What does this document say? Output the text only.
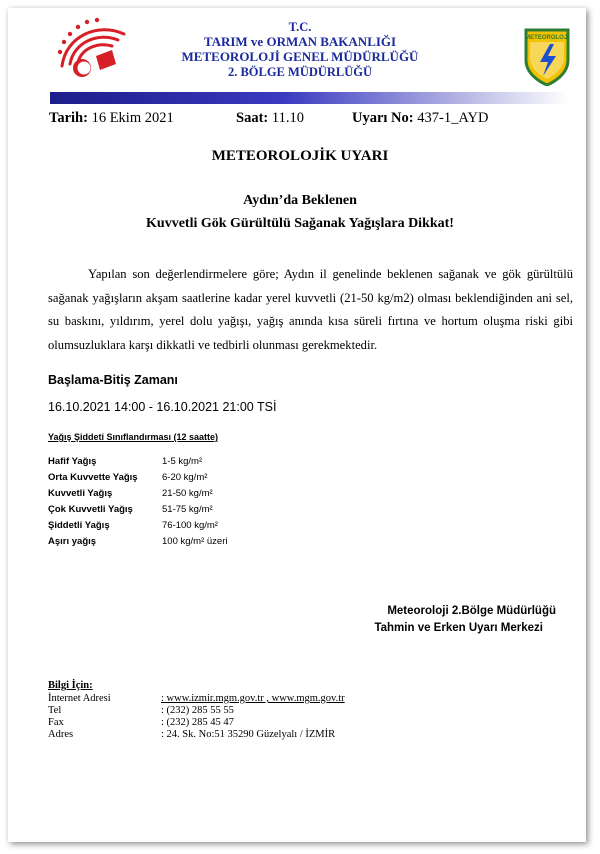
T.C.
TARIM ve ORMAN BAKANLIĞI
METEOROLOJİ GENEL MÜDÜRLÜĞÜ
2. BÖLGE MÜDÜRLÜĞÜ
METEOROLOJI
Tarih: 16 Ekim 2021	Saat: 11.10	Uyarı No: 437-1_AYD
METEOROLOJİK UYARI
Aydın’da Beklenen
Kuvvetli Gök Gürültülü Sağanak Yağışlara Dikkat!
Yapılan son değerlendirmelere göre; Aydın il genelinde beklenen sağanak ve gök gürültülü sağanak yağışların akşam saatlerine kadar yerel kuvvetli (21-50 kg/m2) olması beklendiğinden ani sel, su baskını, yıldırım, yerel dolu yağışı, yağış anında kısa süreli fırtına ve hortum oluşma riski gibi olumsuzluklara karşı dikkatli ve tedbirli olunması gerekmektedir.
Başlama-Bitiş Zamanı
16.10.2021 14:00 - 16.10.2021 21:00 TSİ
Yağış Şiddeti Sınıflandırması (12 saatte)
Hafif Yağış	1-5 kg/m²
Orta Kuvvette Yağış	6-20 kg/m²
Kuvvetli Yağış	21-50 kg/m²
Çok Kuvvetli Yağış	51-75 kg/m²
Şiddetli Yağış	76-100 kg/m²
Aşırı yağış	100 kg/m² üzeri
Meteoroloji 2.Bölge Müdürlüğü
Tahmin ve Erken Uyarı Merkezi
Bilgi İçin:
İnternet Adresi	: www.izmir.mgm.gov.tr , www.mgm.gov.tr
Tel	: (232) 285 55 55
Fax	: (232) 285 45 47
Adres	: 24. Sk. No:51 35290 Güzelyalı / İZMİR
